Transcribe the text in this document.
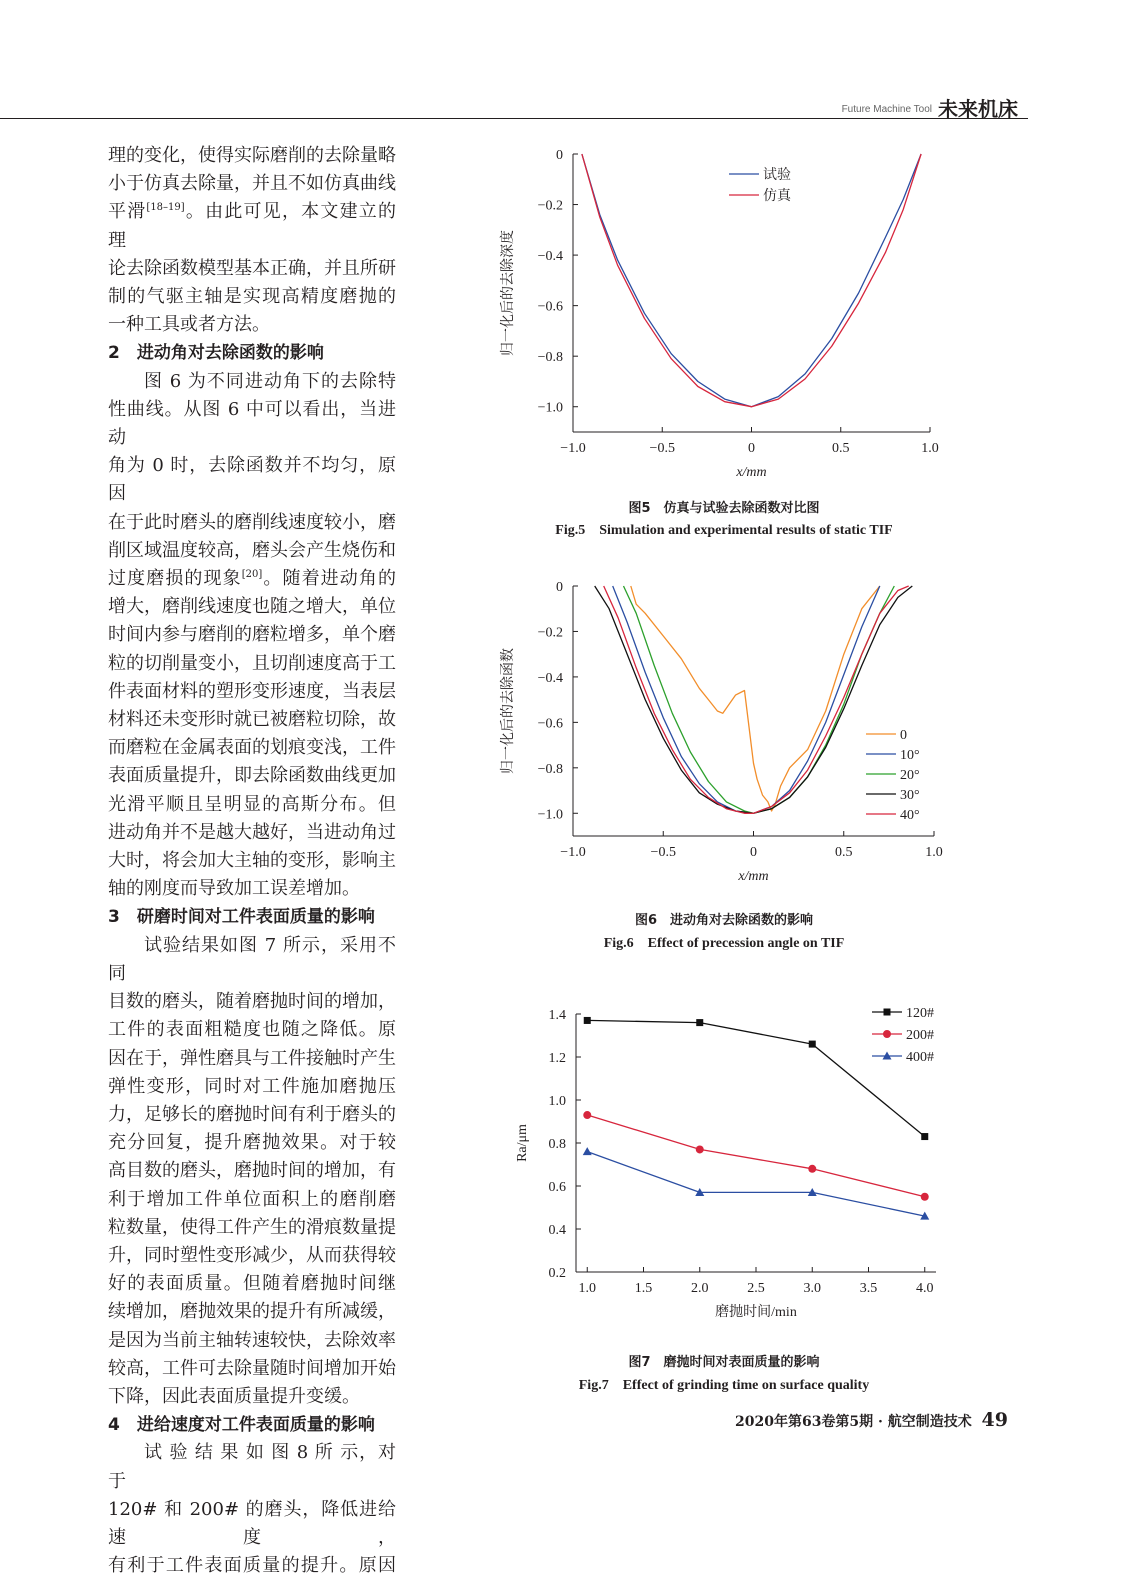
Future Machine Tool 未来机床

理的变化，使得实际磨削的去除量略

小于仿真去除量，并且不如仿真曲线

平滑[18–19]。由此可见，本文建立的理

论去除函数模型基本正确，并且所研

制的气驱主轴是实现高精度磨抛的

一种工具或者方法。

2　进动角对去除函数的影响

图 6 为不同进动角下的去除特

性曲线。从图 6 中可以看出，当进动

角为 0 时，去除函数并不均匀，原因

在于此时磨头的磨削线速度较小，磨

削区域温度较高，磨头会产生烧伤和

过度磨损的现象[20]。随着进动角的

增大，磨削线速度也随之增大，单位

时间内参与磨削的磨粒增多，单个磨

粒的切削量变小，且切削速度高于工

件表面材料的塑形变形速度，当表层

材料还未变形时就已被磨粒切除，故

而磨粒在金属表面的划痕变浅，工件

表面质量提升，即去除函数曲线更加

光滑平顺且呈明显的高斯分布。但

进动角并不是越大越好，当进动角过

大时，将会加大主轴的变形，影响主

轴的刚度而导致加工误差增加。

3　研磨时间对工件表面质量的影响

试验结果如图 7 所示，采用不同

目数的磨头，随着磨抛时间的增加，

工件的表面粗糙度也随之降低。原

因在于，弹性磨具与工件接触时产生

弹性变形，同时对工件施加磨抛压

力，足够长的磨抛时间有利于磨头的

充分回复，提升磨抛效果。对于较

高目数的磨头，磨抛时间的增加，有

利于增加工件单位面积上的磨削磨

粒数量，使得工件产生的滑痕数量提

升，同时塑性变形减少，从而获得较

好的表面质量。但随着磨抛时间继

续增加，磨抛效果的提升有所减缓，

是因为当前主轴转速较快，去除效率

较高，工件可去除量随时间增加开始

下降，因此表面质量提升变缓。

4　进给速度对工件表面质量的影响

试 验 结 果 如 图 8 所 示，对 于

120# 和 200# 的磨头，降低进给速度，

有利于工件表面质量的提升。原因

0
−0.2
−0.4
−0.6
−0.8
−1.0
−1.0	−0.5	0	0.5	1.0
x/mm
归一化后的去除深度
试验
仿真
图5　仿真与试验去除函数对比图
Fig.5　Simulation and experimental results of static TIF
0
−0.2
−0.4
−0.6
−0.8
−1.0
−1.0	−0.5	0	0.5	1.0
x/mm
归一化后的去除函数	0
10°
20°
30°
40°
图6　进动角对去除函数的影响
Fig.6　Effect of precession angle on TIF
0.2
0.4
0.6
0.8
1.0
1.2
1.4
1.0	1.5	2.0	2.5	3.0	3.5	4.0
磨抛时间/min
Ra/μm
120#
200#
400#
图7　磨抛时间对表面质量的影响
Fig.7　Effect of grinding time on surface quality
2020年第63卷第5期 · 航空制造技术 49
